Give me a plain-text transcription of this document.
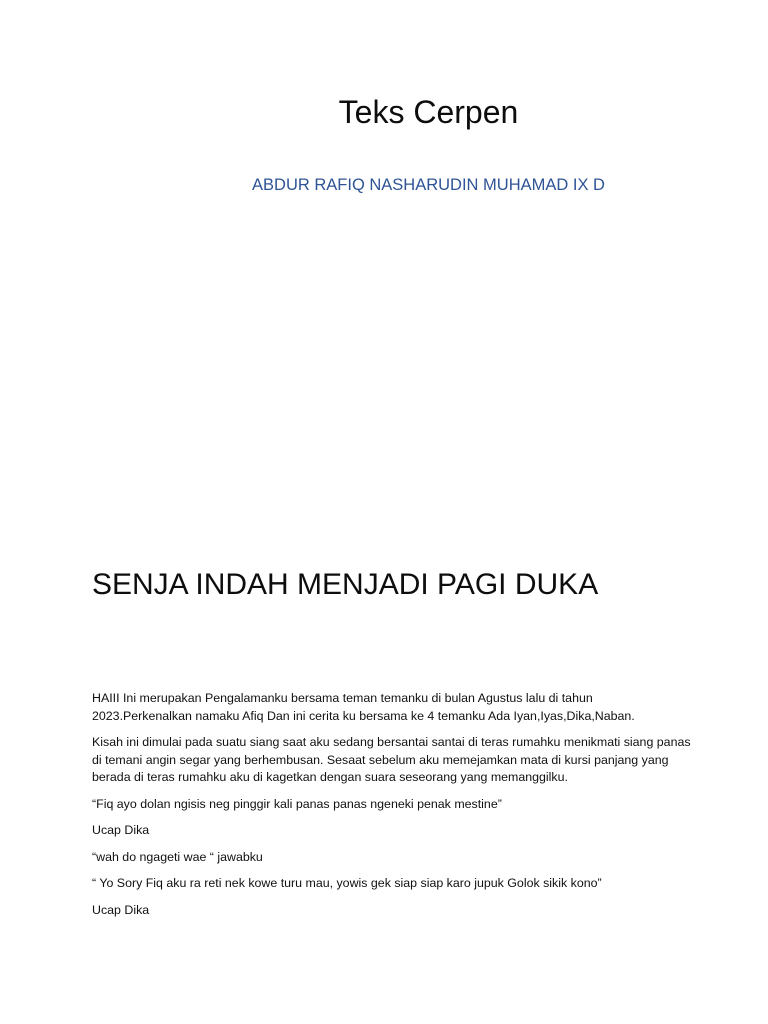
Teks Cerpen
ABDUR RAFIQ NASHARUDIN MUHAMAD IX D
SENJA INDAH MENJADI PAGI DUKA

HAIII Ini merupakan Pengalamanku bersama teman temanku di bulan Agustus lalu di tahun 2023.Perkenalkan namaku Afiq Dan ini cerita ku bersama ke 4 temanku Ada Iyan,Iyas,Dika,Naban.

Kisah ini dimulai pada suatu siang saat aku sedang bersantai santai di teras rumahku menikmati siang panas di temani angin segar yang berhembusan. Sesaat sebelum aku memejamkan mata di kursi panjang yang berada di teras rumahku aku di kagetkan dengan suara seseorang yang memanggilku.

“Fiq ayo dolan ngisis neg pinggir kali panas panas ngeneki penak mestine”

Ucap Dika

“wah do ngageti wae “ jawabku

“ Yo Sory Fiq aku ra reti nek kowe turu mau, yowis gek siap siap karo jupuk Golok sikik kono”

Ucap Dika
